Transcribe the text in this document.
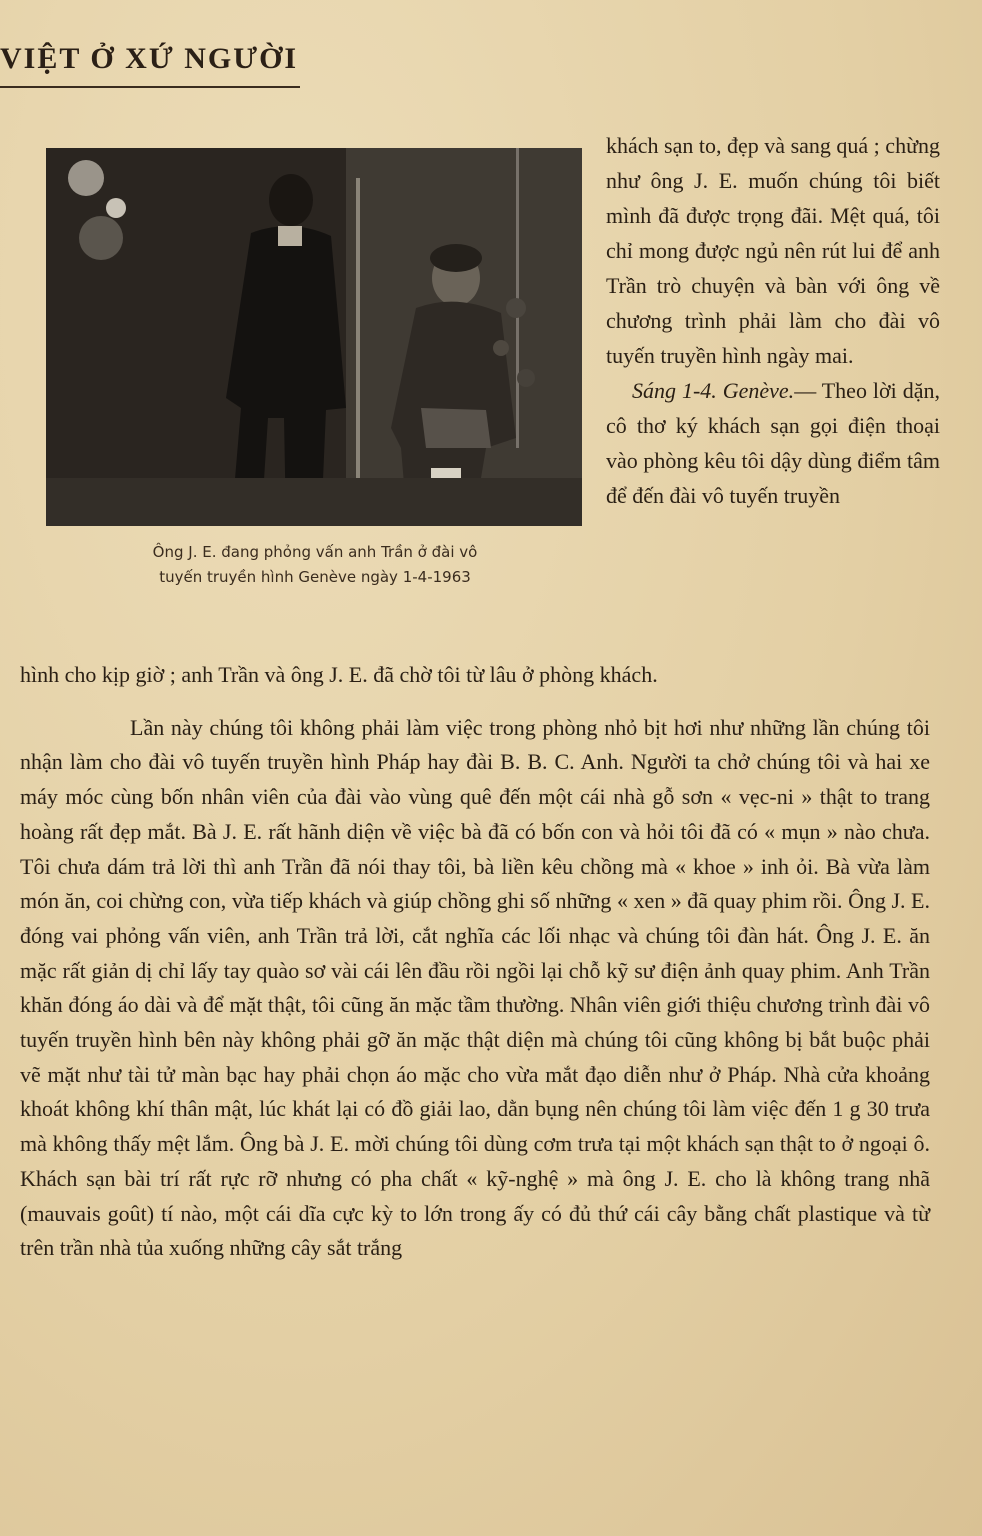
VIỆT Ở XỨ NGƯỜI
Ông J. E. đang phỏng vấn anh Trần ở đài vô
tuyến truyền hình Genève ngày 1-4-1963

khách sạn to, đẹp và sang quá ; chừng như ông J. E. muốn chúng tôi biết mình đã được trọng đãi. Mệt quá, tôi chỉ mong được ngủ nên rút lui để anh Trần trò chuyện và bàn với ông về chương trình phải làm cho đài vô tuyến truyền hình ngày mai.

Sáng 1-4. Genève.— Theo lời dặn, cô thơ ký khách sạn gọi điện thoại vào phòng kêu tôi dậy dùng điểm tâm để đến đài vô tuyến truyền

hình cho kịp giờ ; anh Trần và ông J. E. đã chờ tôi từ lâu ở phòng khách.

Lần này chúng tôi không phải làm việc trong phòng nhỏ bịt hơi như những lần chúng tôi nhận làm cho đài vô tuyến truyền hình Pháp hay đài B. B. C. Anh. Người ta chở chúng tôi và hai xe máy móc cùng bốn nhân viên của đài vào vùng quê đến một cái nhà gỗ sơn « vẹc-ni » thật to trang hoàng rất đẹp mắt. Bà J. E. rất hãnh diện về việc bà đã có bốn con và hỏi tôi đã có « mụn » nào chưa. Tôi chưa dám trả lời thì anh Trần đã nói thay tôi, bà liền kêu chồng mà « khoe » inh ỏi. Bà vừa làm món ăn, coi chừng con, vừa tiếp khách và giúp chồng ghi số những « xen » đã quay phim rồi. Ông J. E. đóng vai phỏng vấn viên, anh Trần trả lời, cắt nghĩa các lối nhạc và chúng tôi đàn hát. Ông J. E. ăn mặc rất giản dị chỉ lấy tay quào sơ vài cái lên đầu rồi ngồi lại chỗ kỹ sư điện ảnh quay phim. Anh Trần khăn đóng áo dài và để mặt thật, tôi cũng ăn mặc tầm thường. Nhân viên giới thiệu chương trình đài vô tuyến truyền hình bên này không phải gỡ ăn mặc thật diện mà chúng tôi cũng không bị bắt buộc phải vẽ mặt như tài tử màn bạc hay phải chọn áo mặc cho vừa mắt đạo diễn như ở Pháp. Nhà cửa khoảng khoát không khí thân mật, lúc khát lại có đồ giải lao, dằn bụng nên chúng tôi làm việc đến 1 g 30 trưa mà không thấy mệt lắm. Ông bà J. E. mời chúng tôi dùng cơm trưa tại một khách sạn thật to ở ngoại ô. Khách sạn bài trí rất rực rỡ nhưng có pha chất « kỹ-nghệ » mà ông J. E. cho là không trang nhã (mauvais goût) tí nào, một cái dĩa cực kỳ to lớn trong ấy có đủ thứ cái cây bằng chất plastique và từ trên trần nhà tủa xuống những cây sắt trắng
